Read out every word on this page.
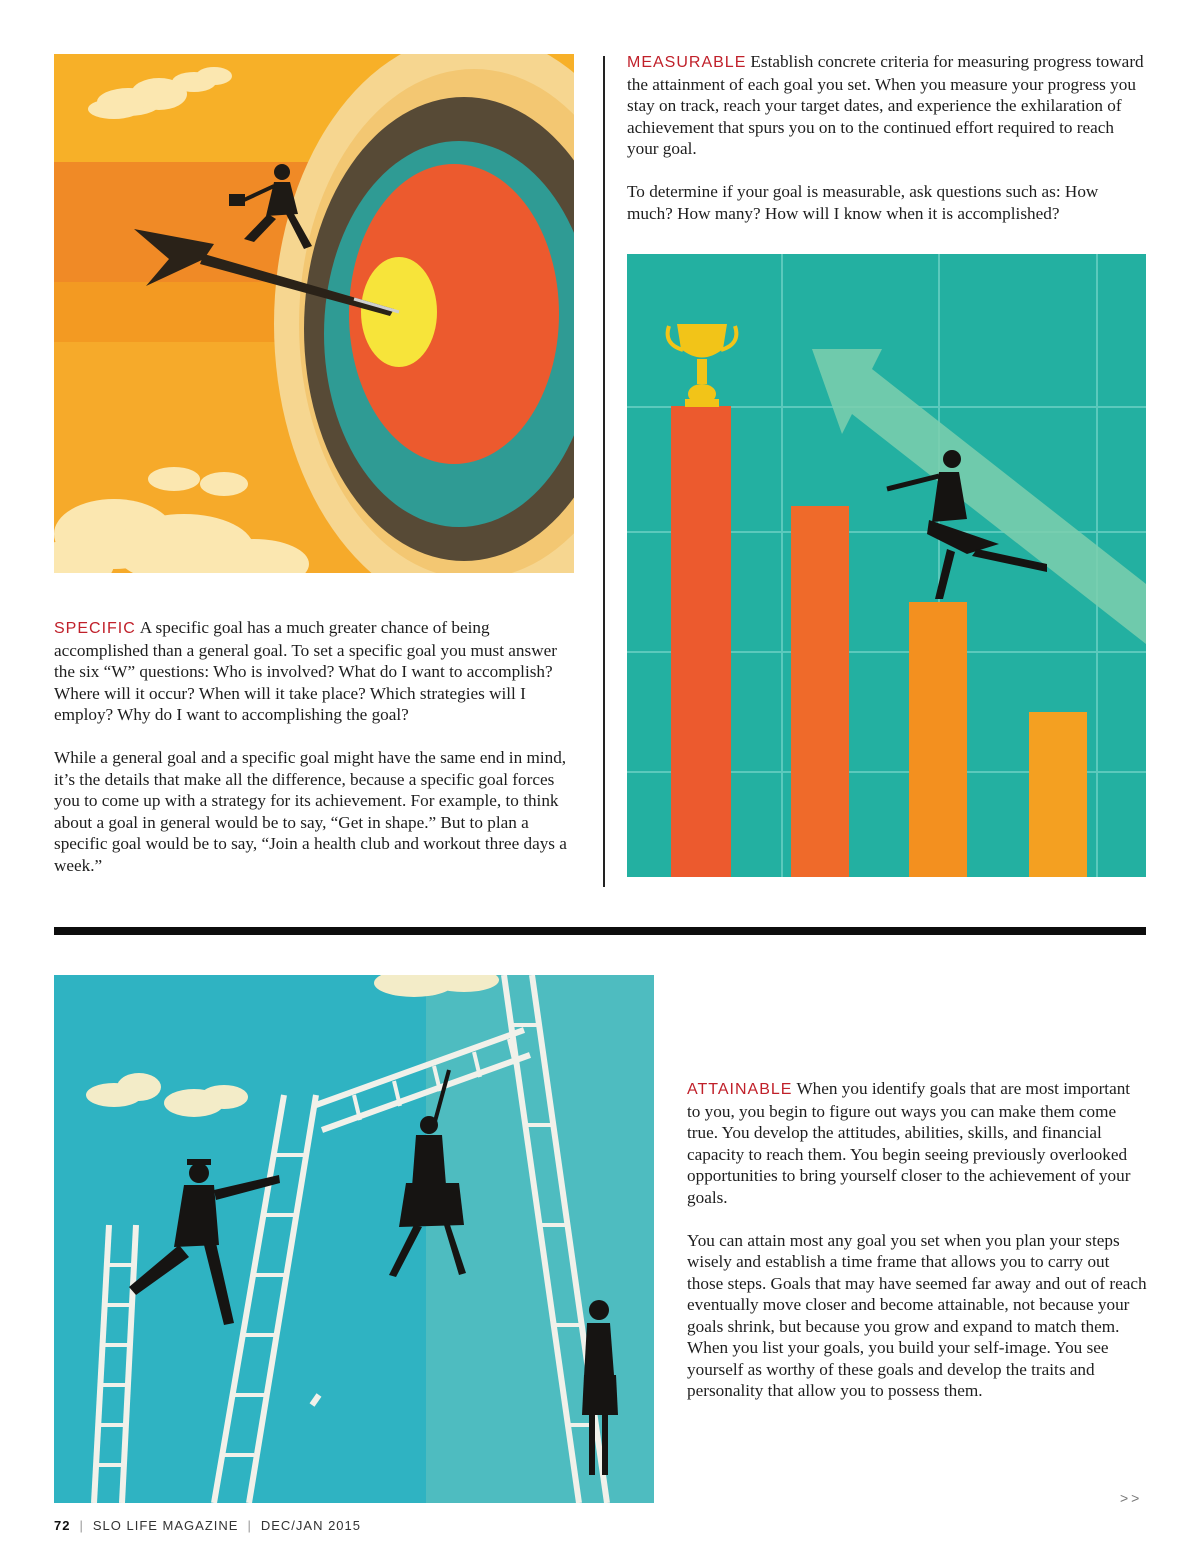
SPECIFIC A specific goal has a much greater chance of being accomplished than a general goal. To set a specific goal you must answer the six “W” questions: Who is involved? What do I want to accomplish? Where will it occur? When will it take place? Which strategies will I employ? Why do I want to accomplishing the goal?

While a general goal and a specific goal might have the same end in mind, it’s the details that make all the difference, because a specific goal forces you to come up with a strategy for its achievement. For example, to think about a goal in general would be to say, “Get in shape.” But to plan a specific goal would be to say, “Join a health club and workout three days a week.”

MEASURABLE Establish concrete criteria for measuring progress toward the attainment of each goal you set. When you measure your progress you stay on track, reach your target dates, and experience the exhilaration of achievement that spurs you on to the continued effort required to reach your goal.

To determine if your goal is measurable, ask questions such as: How much? How many? How will I know when it is accomplished?

ATTAINABLE When you identify goals that are most important to you, you begin to figure out ways you can make them come true. You develop the attitudes, abilities, skills, and financial capacity to reach them. You begin seeing previously overlooked opportunities to bring yourself closer to the achievement of your goals.

You can attain most any goal you set when you plan your steps wisely and establish a time frame that allows you to carry out those steps. Goals that may have seemed far away and out of reach eventually move closer and become attainable, not because your goals shrink, but because you grow and expand to match them. When you list your goals, you build your self-image. You see yourself as worthy of these goals and develop the traits and personality that allow you to possess them.

>>
72 | SLO LIFE MAGAZINE | DEC/JAN 2015
